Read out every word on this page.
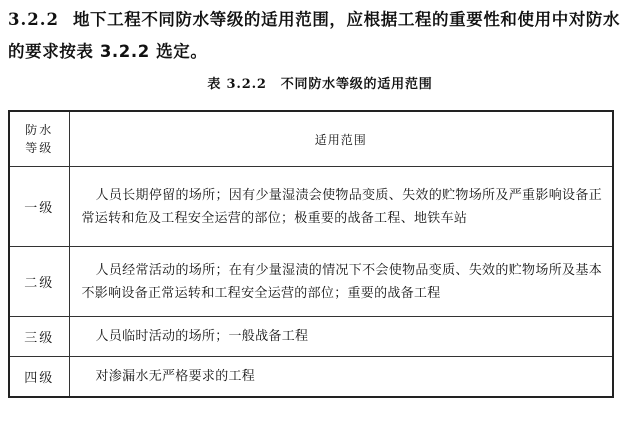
3.2.2 地下工程不同防水等级的适用范围，应根据工程的重要性和使用中对防水的要求按表 3.2.2 选定。
表 3.2.2 不同防水等级的适用范围
防水
等级	适用范围
一级	人员长期停留的场所；因有少量湿渍会使物品变质、失效的贮物场所及严重影响设备正常运转和危及工程安全运营的部位；极重要的战备工程、地铁车站
二级	人员经常活动的场所；在有少量湿渍的情况下不会使物品变质、失效的贮物场所及基本不影响设备正常运转和工程安全运营的部位；重要的战备工程
三级	人员临时活动的场所；一般战备工程
四级	对渗漏水无严格要求的工程
